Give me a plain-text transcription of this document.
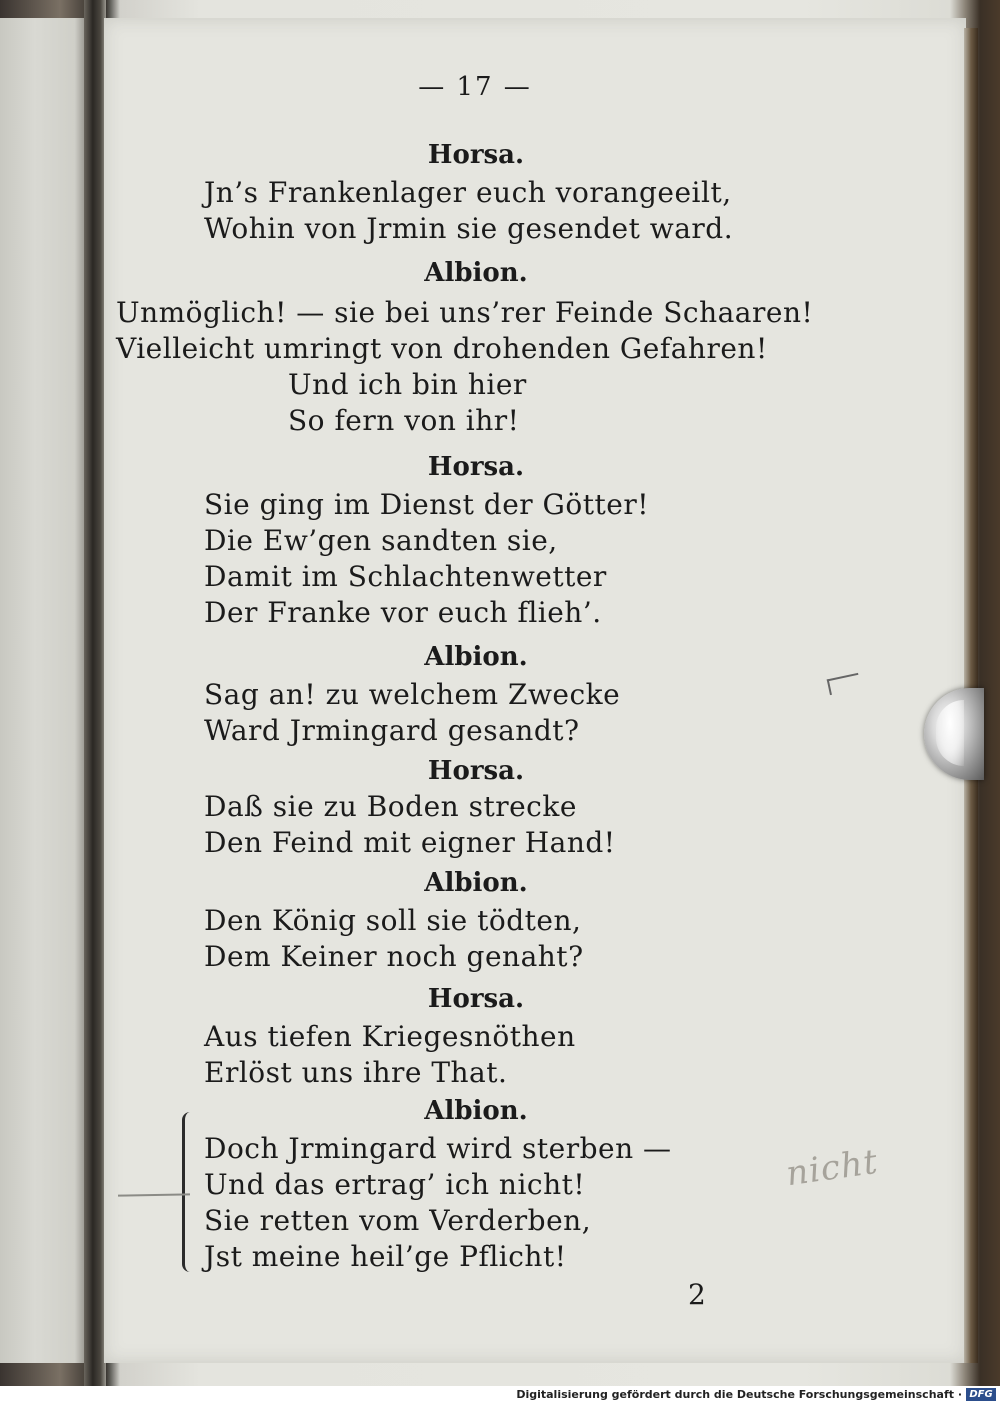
— 17 —
Horsa.
Jn’s Frankenlager euch vorangeeilt,
Wohin von Jrmin sie gesendet ward.
Albion.
Unmöglich! — sie bei uns’rer Feinde Schaaren!
Vielleicht umringt von drohenden Gefahren!
Und ich bin hier
So fern von ihr!
Horsa.
Sie ging im Dienst der Götter!
Die Ew’gen sandten sie,
Damit im Schlachtenwetter
Der Franke vor euch flieh’.
Albion.
Sag an! zu welchem Zwecke
Ward Jrmingard gesandt?
Horsa.
Daß sie zu Boden strecke
Den Feind mit eigner Hand!
Albion.
Den König soll sie tödten,
Dem Keiner noch genaht?
Horsa.
Aus tiefen Kriegesnöthen
Erlöst uns ihre That.
Albion.
Doch Jrmingard wird sterben —
Und das ertrag’ ich nicht!
Sie retten vom Verderben,
Jst meine heil’ge Pflicht!
nicht
2
Digitalisierung gefördert durch die Deutsche Forschungsgemeinschaft · DFG
